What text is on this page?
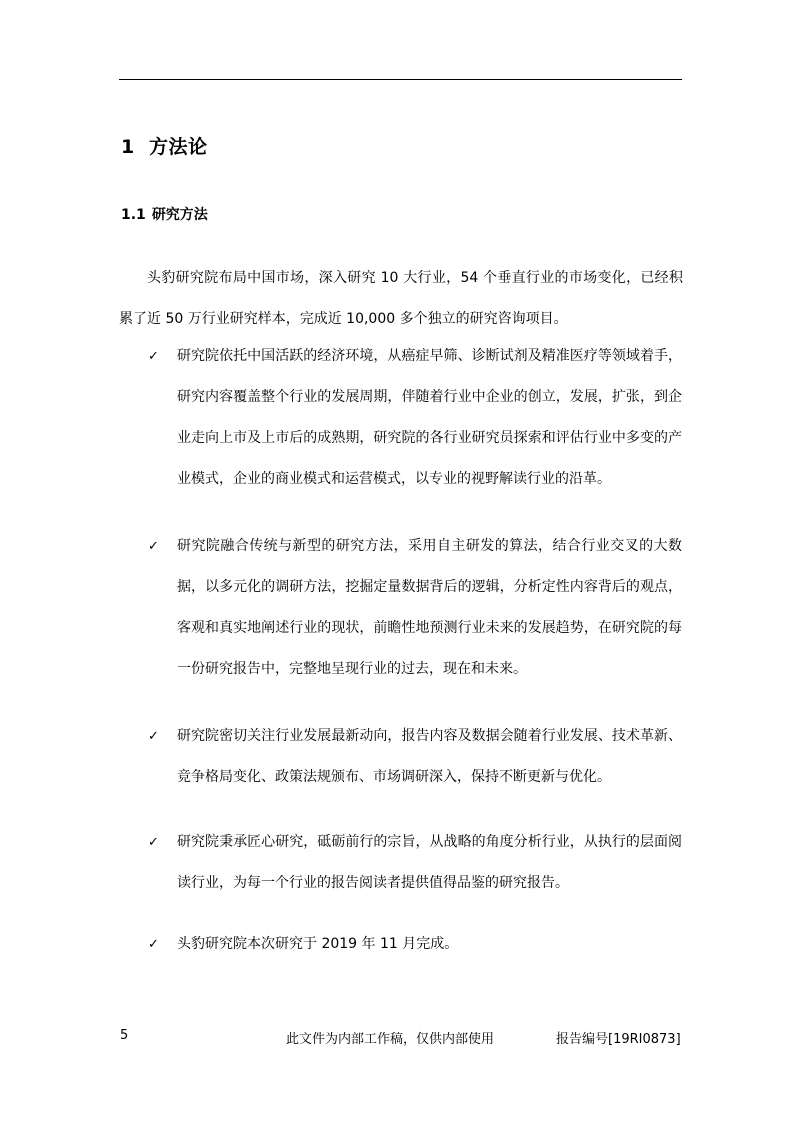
1 方法论
1.1 研究方法

头豹研究院布局中国市场，深入研究 10 大行业，54 个垂直行业的市场变化，已经积累了近 50 万行业研究样本，完成近 10,000 多个独立的研究咨询项目。

✓ 研究院依托中国活跃的经济环境，从癌症早筛、诊断试剂及精准医疗等领域着手，研究内容覆盖整个行业的发展周期，伴随着行业中企业的创立，发展，扩张，到企业走向上市及上市后的成熟期，研究院的各行业研究员探索和评估行业中多变的产业模式，企业的商业模式和运营模式，以专业的视野解读行业的沿革。

✓ 研究院融合传统与新型的研究方法，采用自主研发的算法，结合行业交叉的大数据，以多元化的调研方法，挖掘定量数据背后的逻辑，分析定性内容背后的观点，客观和真实地阐述行业的现状，前瞻性地预测行业未来的发展趋势，在研究院的每一份研究报告中，完整地呈现行业的过去，现在和未来。

✓ 研究院密切关注行业发展最新动向，报告内容及数据会随着行业发展、技术革新、竞争格局变化、政策法规颁布、市场调研深入，保持不断更新与优化。

✓ 研究院秉承匠心研究，砥砺前行的宗旨，从战略的角度分析行业，从执行的层面阅读行业，为每一个行业的报告阅读者提供值得品鉴的研究报告。

✓ 头豹研究院本次研究于 2019 年 11 月完成。

5	此文件为内部工作稿，仅供内部使用	报告编号[19RI0873]
